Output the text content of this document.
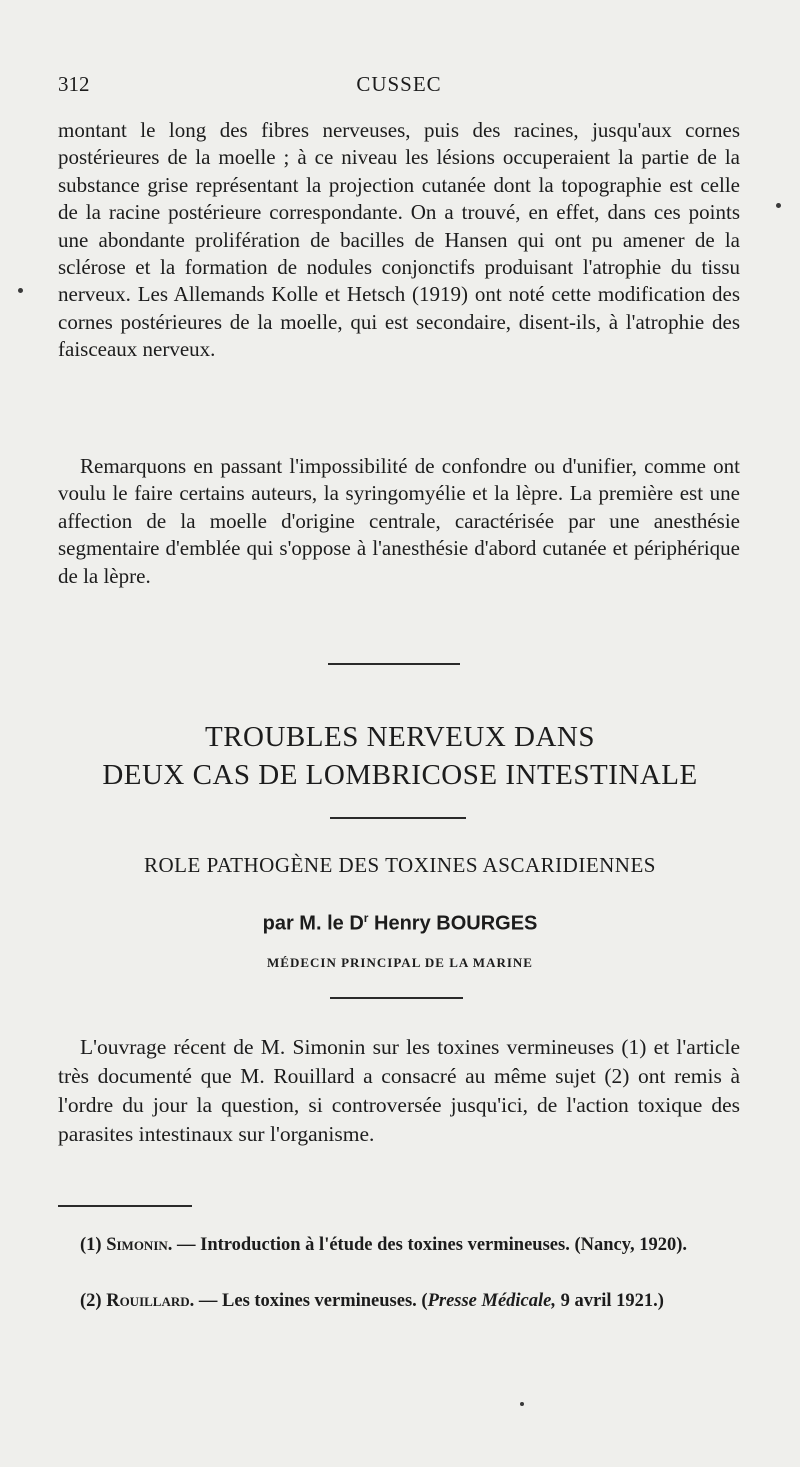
312	CUSSEC

montant le long des fibres nerveuses, puis des racines, jusqu'aux cornes postérieures de la moelle ; à ce niveau les lésions occuperaient la partie de la substance grise représentant la projection cutanée dont la topographie est celle de la racine postérieure correspondante. On a trouvé, en effet, dans ces points une abondante prolifération de bacilles de Hansen qui ont pu amener de la sclérose et la formation de nodules conjonctifs produisant l'atrophie du tissu nerveux. Les Allemands Kolle et Hetsch (1919) ont noté cette modification des cornes postérieures de la moelle, qui est secondaire, disent-ils, à l'atrophie des faisceaux nerveux.

Remarquons en passant l'impossibilité de confondre ou d'unifier, comme ont voulu le faire certains auteurs, la syringomyélie et la lèpre. La première est une affection de la moelle d'origine centrale, caractérisée par une anesthésie segmentaire d'emblée qui s'oppose à l'anesthésie d'abord cutanée et périphérique de la lèpre.

TROUBLES NERVEUX DANS
DEUX CAS DE LOMBRICOSE INTESTINALE
ROLE PATHOGÈNE DES TOXINES ASCARIDIENNES
par M. le $D^r$ Henry BOURGES
MÉDECIN PRINCIPAL DE LA MARINE

L'ouvrage récent de M. Simonin sur les toxines vermineuses (1) et l'article très documenté que M. Rouillard a consacré au même sujet (2) ont remis à l'ordre du jour la question, si controversée jusqu'ici, de l'action toxique des parasites intestinaux sur l'organisme.

(1) Simonin. — Introduction à l'étude des toxines vermineuses. (Nancy, 1920).

(2) Rouillard. — Les toxines vermineuses. (Presse Médicale, 9 avril 1921.)
